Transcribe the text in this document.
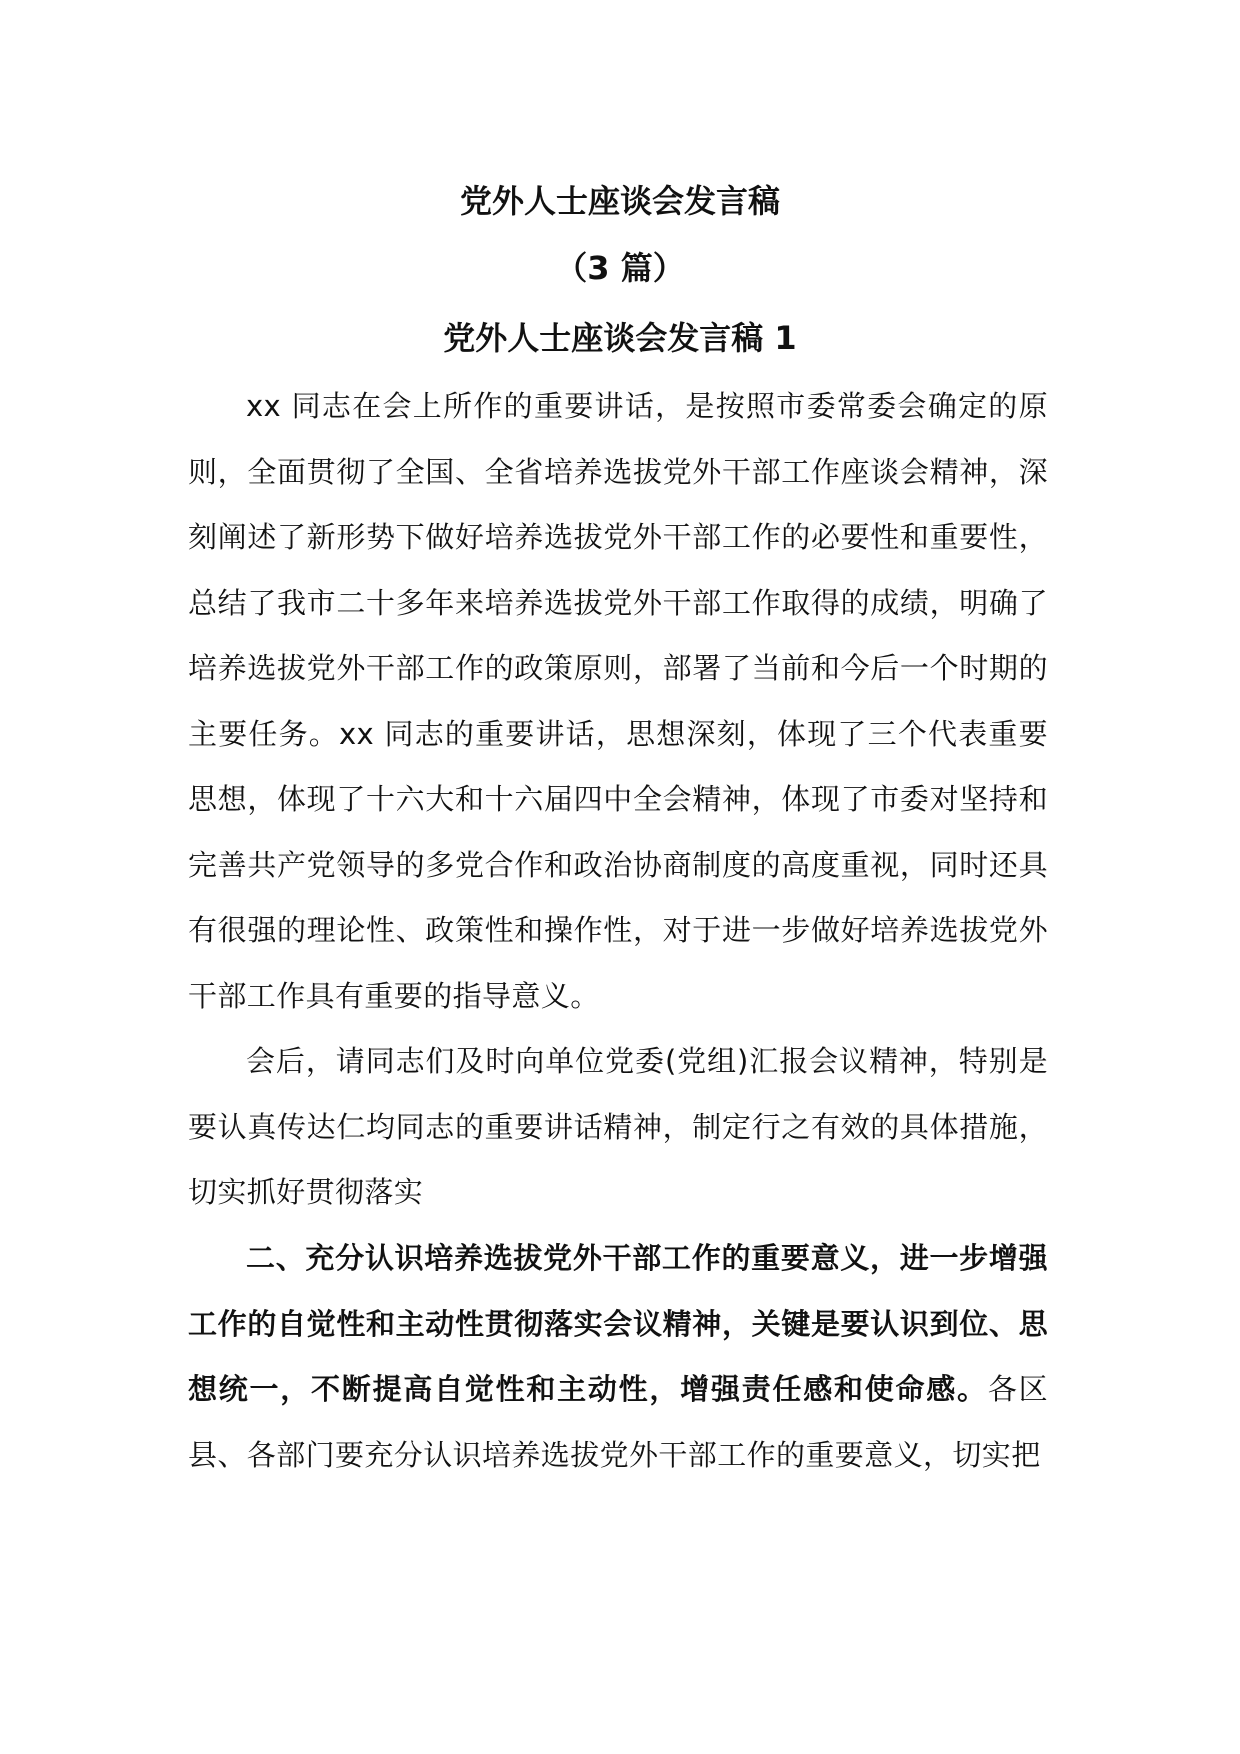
党外人士座谈会发言稿
（3 篇）
党外人士座谈会发言稿 1

xx 同志在会上所作的重要讲话，是按照市委常委会确定的原则，全面贯彻了全国、全省培养选拔党外干部工作座谈会精神，深刻阐述了新形势下做好培养选拔党外干部工作的必要性和重要性，总结了我市二十多年来培养选拔党外干部工作取得的成绩，明确了培养选拔党外干部工作的政策原则，部署了当前和今后一个时期的主要任务。xx 同志的重要讲话，思想深刻，体现了三个代表重要思想，体现了十六大和十六届四中全会精神，体现了市委对坚持和完善共产党领导的多党合作和政治协商制度的高度重视，同时还具有很强的理论性、政策性和操作性，对于进一步做好培养选拔党外干部工作具有重要的指导意义。

会后，请同志们及时向单位党委(党组)汇报会议精神，特别是要认真传达仁均同志的重要讲话精神，制定行之有效的具体措施，切实抓好贯彻落实

二、充分认识培养选拔党外干部工作的重要意义，进一步增强工作的自觉性和主动性贯彻落实会议精神，关键是要认识到位、思想统一，不断提高自觉性和主动性，增强责任感和使命感。各区县、各部门要充分认识培养选拔党外干部工作的重要意义，切实把
